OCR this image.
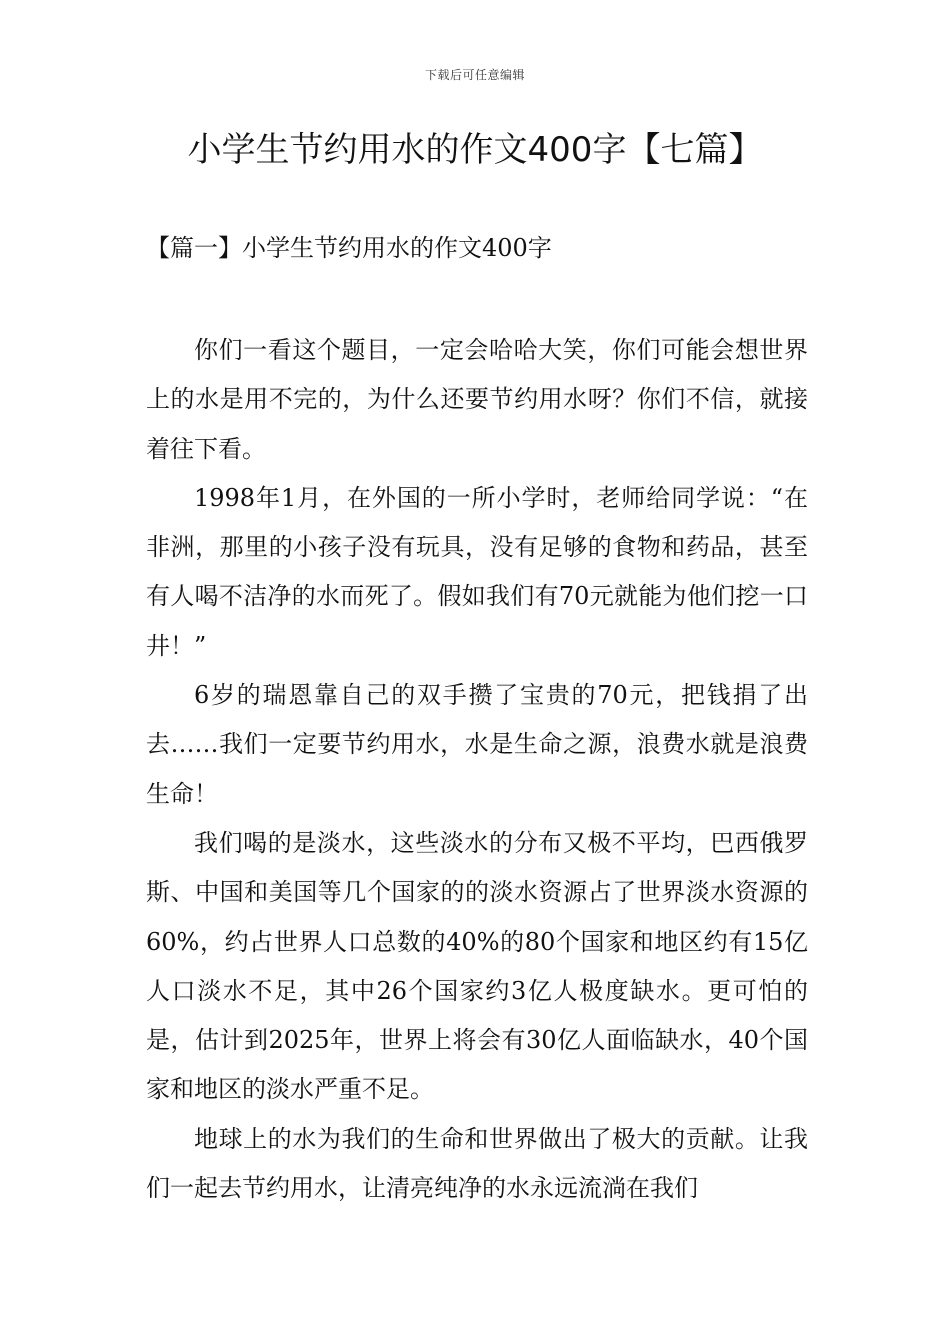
下载后可任意编辑
小学生节约用水的作文400字【七篇】
【篇一】小学生节约用水的作文400字

你们一看这个题目，一定会哈哈大笑，你们可能会想世界上的水是用不完的，为什么还要节约用水呀？你们不信，就接着往下看。

1998年1月，在外国的一所小学时，老师给同学说：“在非洲，那里的小孩子没有玩具，没有足够的食物和药品，甚至有人喝不洁净的水而死了。假如我们有70元就能为他们挖一口井！”

6岁的瑞恩靠自己的双手攒了宝贵的70元，把钱捐了出去……我们一定要节约用水，水是生命之源，浪费水就是浪费生命！

我们喝的是淡水，这些淡水的分布又极不平均，巴西俄罗斯、中国和美国等几个国家的的淡水资源占了世界淡水资源的60%，约占世界人口总数的40%的80个国家和地区约有15亿人口淡水不足，其中26个国家约3亿人极度缺水。更可怕的是，估计到2025年，世界上将会有30亿人面临缺水，40个国家和地区的淡水严重不足。

地球上的水为我们的生命和世界做出了极大的贡献。让我们一起去节约用水，让清亮纯净的水永远流淌在我们
